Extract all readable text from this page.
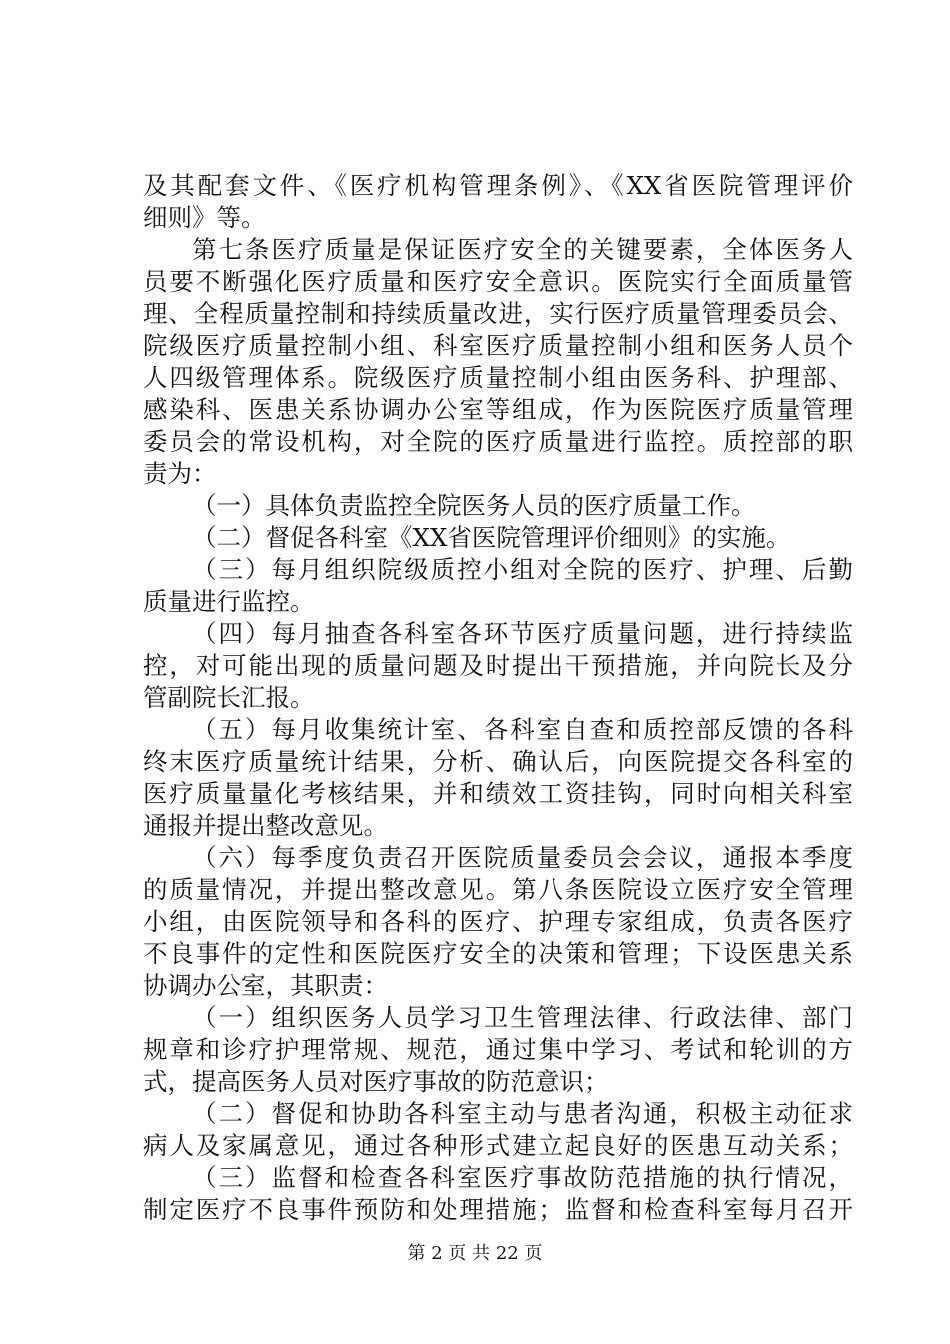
及其配套文件、《医疗机构管理条例》、《XX省医院管理评价
细则》等。
第七条医疗质量是保证医疗安全的关键要素，全体医务人
员要不断强化医疗质量和医疗安全意识。医院实行全面质量管
理、全程质量控制和持续质量改进，实行医疗质量管理委员会、
院级医疗质量控制小组、科室医疗质量控制小组和医务人员个
人四级管理体系。院级医疗质量控制小组由医务科、护理部、
感染科、医患关系协调办公室等组成，作为医院医疗质量管理
委员会的常设机构，对全院的医疗质量进行监控。质控部的职
责为：
（一）具体负责监控全院医务人员的医疗质量工作。
（二）督促各科室《XX省医院管理评价细则》的实施。
（三）每月组织院级质控小组对全院的医疗、护理、后勤
质量进行监控。
（四）每月抽查各科室各环节医疗质量问题，进行持续监
控，对可能出现的质量问题及时提出干预措施，并向院长及分
管副院长汇报。
（五）每月收集统计室、各科室自查和质控部反馈的各科
终末医疗质量统计结果，分析、确认后，向医院提交各科室的
医疗质量量化考核结果，并和绩效工资挂钩，同时向相关科室
通报并提出整改意见。
（六）每季度负责召开医院质量委员会会议，通报本季度
的质量情况，并提出整改意见。第八条医院设立医疗安全管理
小组，由医院领导和各科的医疗、护理专家组成，负责各医疗
不良事件的定性和医院医疗安全的决策和管理；下设医患关系
协调办公室，其职责：
（一）组织医务人员学习卫生管理法律、行政法律、部门
规章和诊疗护理常规、规范，通过集中学习、考试和轮训的方
式，提高医务人员对医疗事故的防范意识；
（二）督促和协助各科室主动与患者沟通，积极主动征求
病人及家属意见，通过各种形式建立起良好的医患互动关系；
（三）监督和检查各科室医疗事故防范措施的执行情况，
制定医疗不良事件预防和处理措施；监督和检查科室每月召开
第 2 页 共 22 页
